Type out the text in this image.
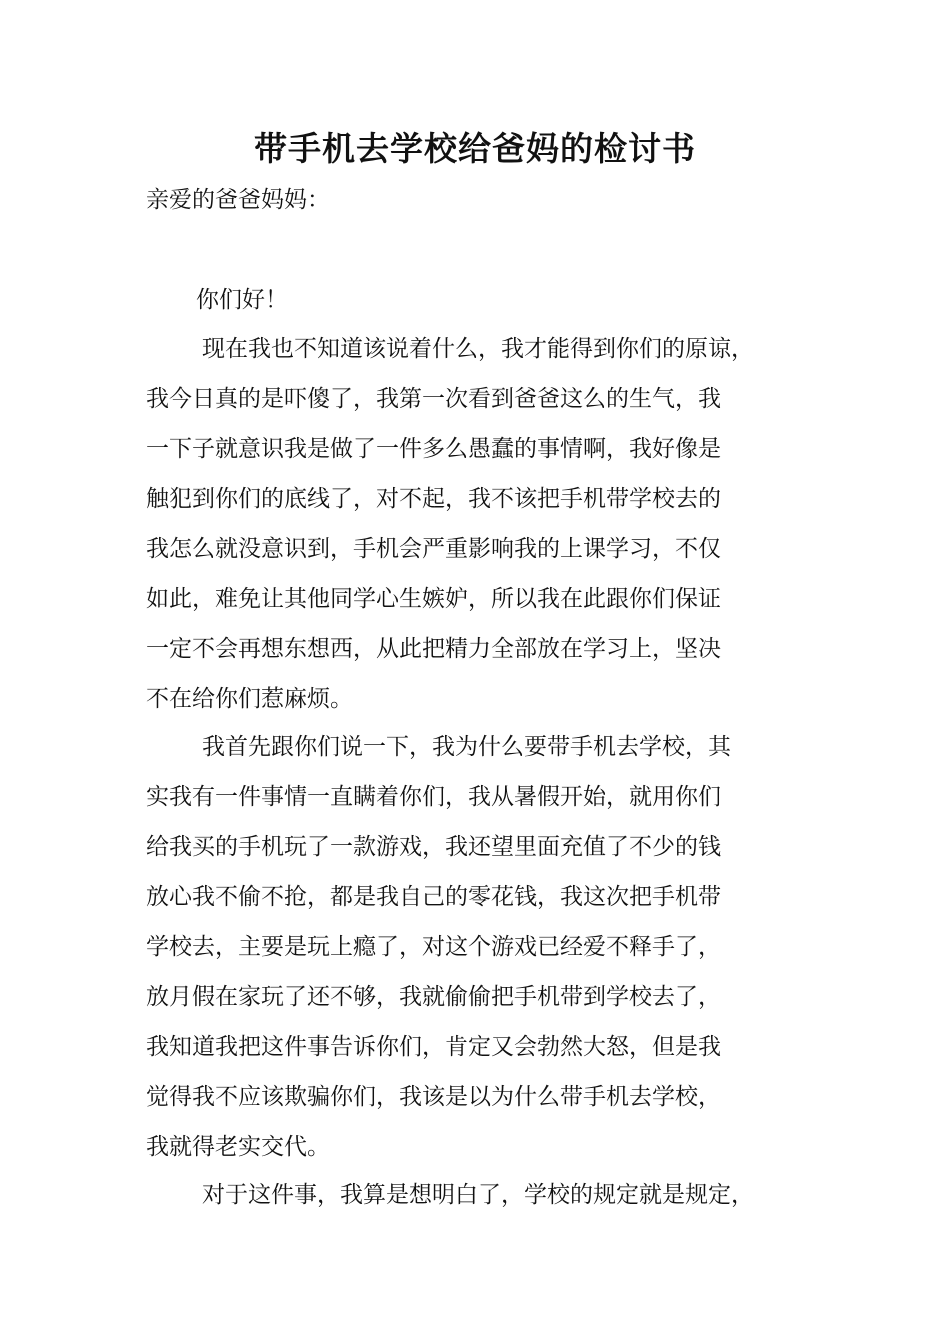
带手机去学校给爸妈的检讨书
亲爱的爸爸妈妈：
你们好！
现在我也不知道该说着什么，我才能得到你们的原谅，
我今日真的是吓傻了，我第一次看到爸爸这么的生气，我
一下子就意识我是做了一件多么愚蠢的事情啊，我好像是
触犯到你们的底线了，对不起，我不该把手机带学校去的
我怎么就没意识到，手机会严重影响我的上课学习，不仅
如此，难免让其他同学心生嫉妒，所以我在此跟你们保证
一定不会再想东想西，从此把精力全部放在学习上，坚决
不在给你们惹麻烦。
我首先跟你们说一下，我为什么要带手机去学校，其
实我有一件事情一直瞒着你们，我从暑假开始，就用你们
给我买的手机玩了一款游戏，我还望里面充值了不少的钱
放心我不偷不抢，都是我自己的零花钱，我这次把手机带
学校去，主要是玩上瘾了，对这个游戏已经爱不释手了，
放月假在家玩了还不够，我就偷偷把手机带到学校去了，
我知道我把这件事告诉你们，肯定又会勃然大怒，但是我
觉得我不应该欺骗你们，我该是以为什么带手机去学校，
我就得老实交代。
对于这件事，我算是想明白了，学校的规定就是规定，
